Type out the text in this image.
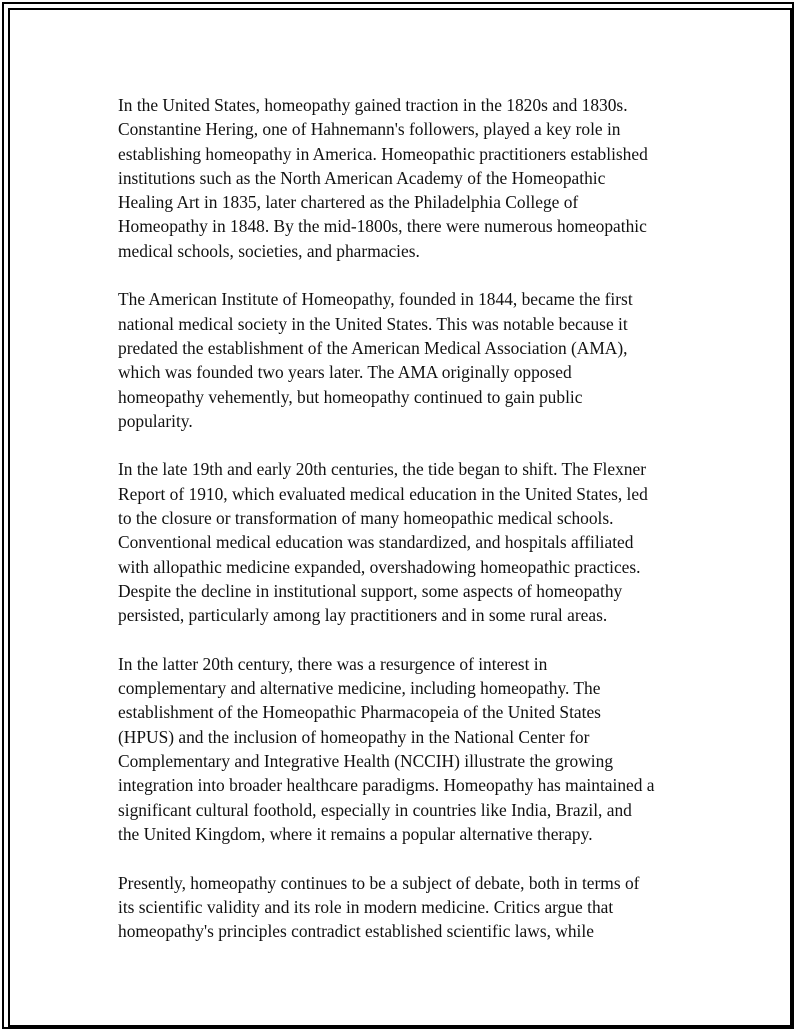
In the United States, homeopathy gained traction in the 1820s and 1830s.
Constantine Hering, one of Hahnemann's followers, played a key role in
establishing homeopathy in America. Homeopathic practitioners established
institutions such as the North American Academy of the Homeopathic
Healing Art in 1835, later chartered as the Philadelphia College of
Homeopathy in 1848. By the mid-1800s, there were numerous homeopathic
medical schools, societies, and pharmacies.

The American Institute of Homeopathy, founded in 1844, became the first
national medical society in the United States. This was notable because it
predated the establishment of the American Medical Association (AMA),
which was founded two years later. The AMA originally opposed
homeopathy vehemently, but homeopathy continued to gain public
popularity.

In the late 19th and early 20th centuries, the tide began to shift. The Flexner
Report of 1910, which evaluated medical education in the United States, led
to the closure or transformation of many homeopathic medical schools.
Conventional medical education was standardized, and hospitals affiliated
with allopathic medicine expanded, overshadowing homeopathic practices.
Despite the decline in institutional support, some aspects of homeopathy
persisted, particularly among lay practitioners and in some rural areas.

In the latter 20th century, there was a resurgence of interest in
complementary and alternative medicine, including homeopathy. The
establishment of the Homeopathic Pharmacopeia of the United States
(HPUS) and the inclusion of homeopathy in the National Center for
Complementary and Integrative Health (NCCIH) illustrate the growing
integration into broader healthcare paradigms. Homeopathy has maintained a
significant cultural foothold, especially in countries like India, Brazil, and
the United Kingdom, where it remains a popular alternative therapy.

Presently, homeopathy continues to be a subject of debate, both in terms of
its scientific validity and its role in modern medicine. Critics argue that
homeopathy's principles contradict established scientific laws, while
